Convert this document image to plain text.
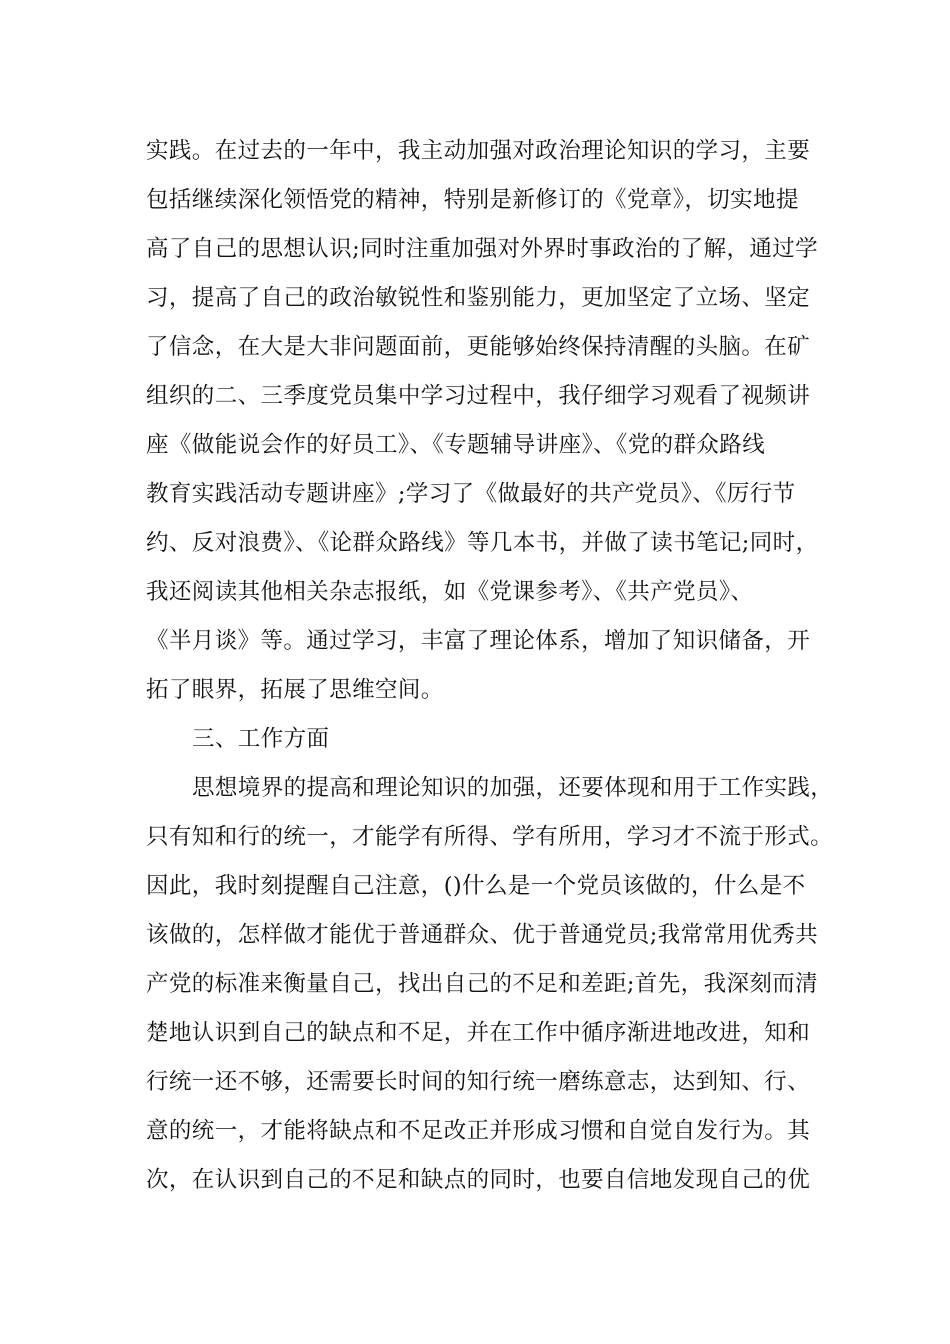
实践。在过去的一年中，我主动加强对政治理论知识的学习，主要
包括继续深化领悟党的精神，特别是新修订的《党章》，切实地提
高了自己的思想认识;同时注重加强对外界时事政治的了解，通过学
习，提高了自己的政治敏锐性和鉴别能力，更加坚定了立场、坚定
了信念，在大是大非问题面前，更能够始终保持清醒的头脑。在矿
组织的二、三季度党员集中学习过程中，我仔细学习观看了视频讲
座《做能说会作的好员工》、《专题辅导讲座》、《党的群众路线
教育实践活动专题讲座》;学习了《做最好的共产党员》、《厉行节
约、反对浪费》、《论群众路线》等几本书，并做了读书笔记;同时，
我还阅读其他相关杂志报纸，如《党课参考》、《共产党员》、
《半月谈》等。通过学习，丰富了理论体系，增加了知识储备，开
拓了眼界，拓展了思维空间。
三、工作方面
思想境界的提高和理论知识的加强，还要体现和用于工作实践，
只有知和行的统一，才能学有所得、学有所用，学习才不流于形式。
因此，我时刻提醒自己注意，()什么是一个党员该做的，什么是不
该做的，怎样做才能优于普通群众、优于普通党员;我常常用优秀共
产党的标准来衡量自己，找出自己的不足和差距;首先，我深刻而清
楚地认识到自己的缺点和不足，并在工作中循序渐进地改进，知和
行统一还不够，还需要长时间的知行统一磨练意志，达到知、行、
意的统一，才能将缺点和不足改正并形成习惯和自觉自发行为。其
次，在认识到自己的不足和缺点的同时，也要自信地发现自己的优
